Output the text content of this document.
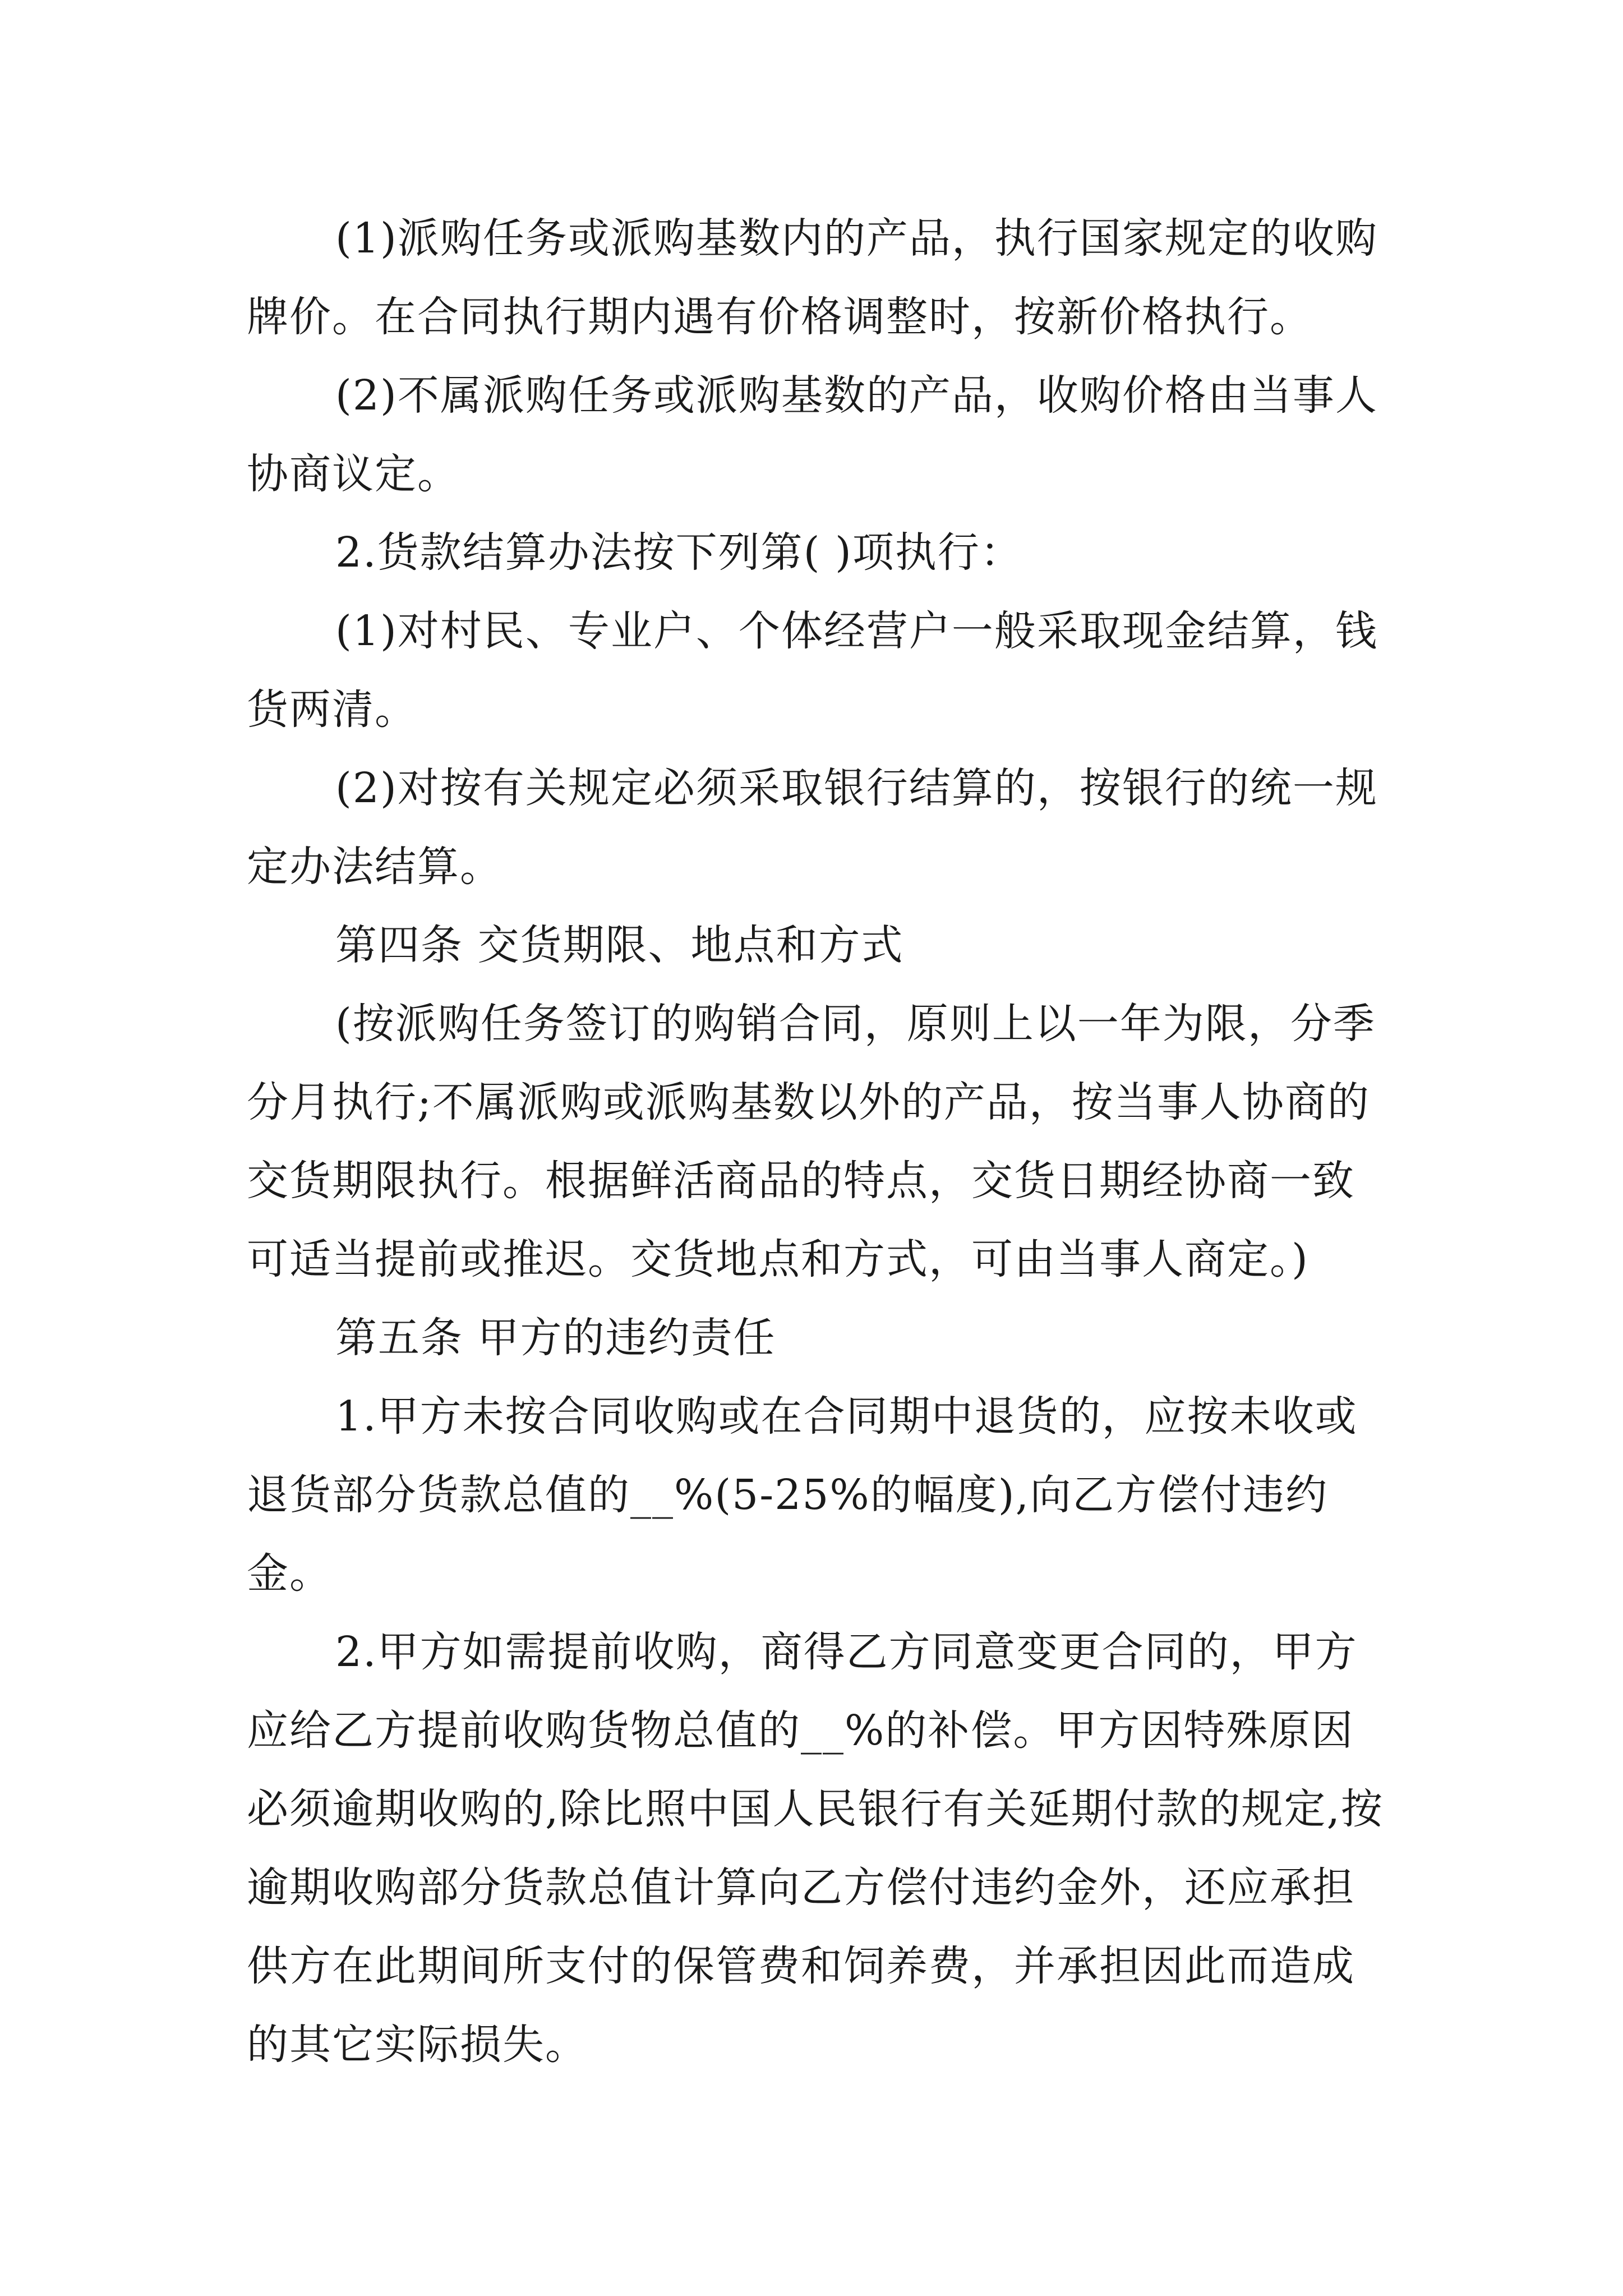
(1)派购任务或派购基数内的产品，执行国家规定的收购牌价。在合同执行期内遇有价格调整时，按新价格执行。

(2)不属派购任务或派购基数的产品，收购价格由当事人协商议定。

2.货款结算办法按下列第( )项执行：

(1)对村民、专业户、个体经营户一般采取现金结算，钱货两清。

(2)对按有关规定必须采取银行结算的，按银行的统一规定办法结算。

第四条 交货期限、地点和方式

(按派购任务签订的购销合同，原则上以一年为限，分季分月执行;不属派购或派购基数以外的产品，按当事人协商的交货期限执行。根据鲜活商品的特点，交货日期经协商一致可适当提前或推迟。交货地点和方式，可由当事人商定。)

第五条 甲方的违约责任

1.甲方未按合同收购或在合同期中退货的，应按未收或退货部分货款总值的__%(5-25%的幅度),向乙方偿付违约金。

2.甲方如需提前收购，商得乙方同意变更合同的，甲方应给乙方提前收购货物总值的__%的补偿。甲方因特殊原因必须逾期收购的,除比照中国人民银行有关延期付款的规定,按逾期收购部分货款总值计算向乙方偿付违约金外，还应承担供方在此期间所支付的保管费和饲养费，并承担因此而造成的其它实际损失。
